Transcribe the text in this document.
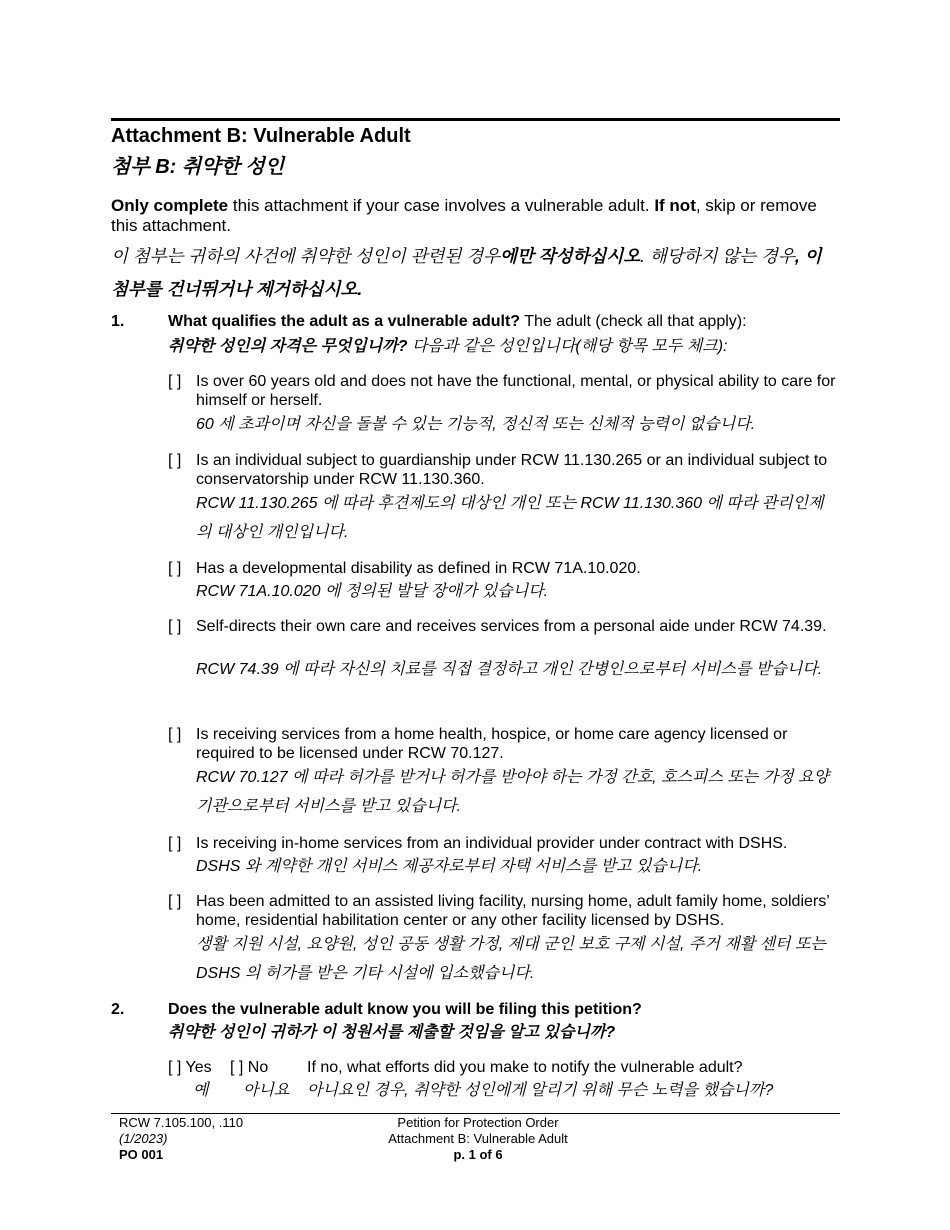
Attachment B: Vulnerable Adult
첨부 B: 취약한 성인
Only complete this attachment if your case involves a vulnerable adult. If not, skip or remove this attachment.
이 첨부는 귀하의 사건에 취약한 성인이 관련된 경우에만 작성하십시오. 해당하지 않는 경우, 이 첨부를 건너뛰거나 제거하십시오.
1.	What qualifies the adult as a vulnerable adult? The adult (check all that apply):
취약한 성인의 자격은 무엇입니까? 다음과 같은 성인입니다(해당 항목 모두 체크):
[ ] Is over 60 years old and does not have the functional, mental, or physical ability to care for himself or herself.
60 세 초과이며 자신을 돌볼 수 있는 기능적, 정신적 또는 신체적 능력이 없습니다.
[ ] Is an individual subject to guardianship under RCW 11.130.265 or an individual subject to conservatorship under RCW 11.130.360.
RCW 11.130.265 에 따라 후견제도의 대상인 개인 또는 RCW 11.130.360 에 따라 관리인제의 대상인 개인입니다.
[ ] Has a developmental disability as defined in RCW 71A.10.020.
RCW 71A.10.020 에 정의된 발달 장애가 있습니다.
[ ] Self-directs their own care and receives services from a personal aide under RCW 74.39.
RCW 74.39 에 따라 자신의 치료를 직접 결정하고 개인 간병인으로부터 서비스를 받습니다.
[ ] Is receiving services from a home health, hospice, or home care agency licensed or required to be licensed under RCW 70.127.
RCW 70.127 에 따라 허가를 받거나 허가를 받아야 하는 가정 간호, 호스피스 또는 가정 요양 기관으로부터 서비스를 받고 있습니다.
[ ] Is receiving in-home services from an individual provider under contract with DSHS.
DSHS 와 계약한 개인 서비스 제공자로부터 자택 서비스를 받고 있습니다.
[ ] Has been admitted to an assisted living facility, nursing home, adult family home, soldiers’ home, residential habilitation center or any other facility licensed by DSHS.
생활 지원 시설, 요양원, 성인 공동 생활 가정, 제대 군인 보호 구제 시설, 주거 재활 센터 또는 DSHS 의 허가를 받은 기타 시설에 입소했습니다.
2.	Does the vulnerable adult know you will be filing this petition?
취약한 성인이 귀하가 이 청원서를 제출할 것임을 알고 있습니까?
[ ] Yes [ ] No If no, what efforts did you make to notify the vulnerable adult?
예 아니요 아니요인 경우, 취약한 성인에게 알리기 위해 무슨 노력을 했습니까?
RCW 7.105.100, .110
(1/2023)
PO 001
Petition for Protection Order
Attachment B: Vulnerable Adult
p. 1 of 6
